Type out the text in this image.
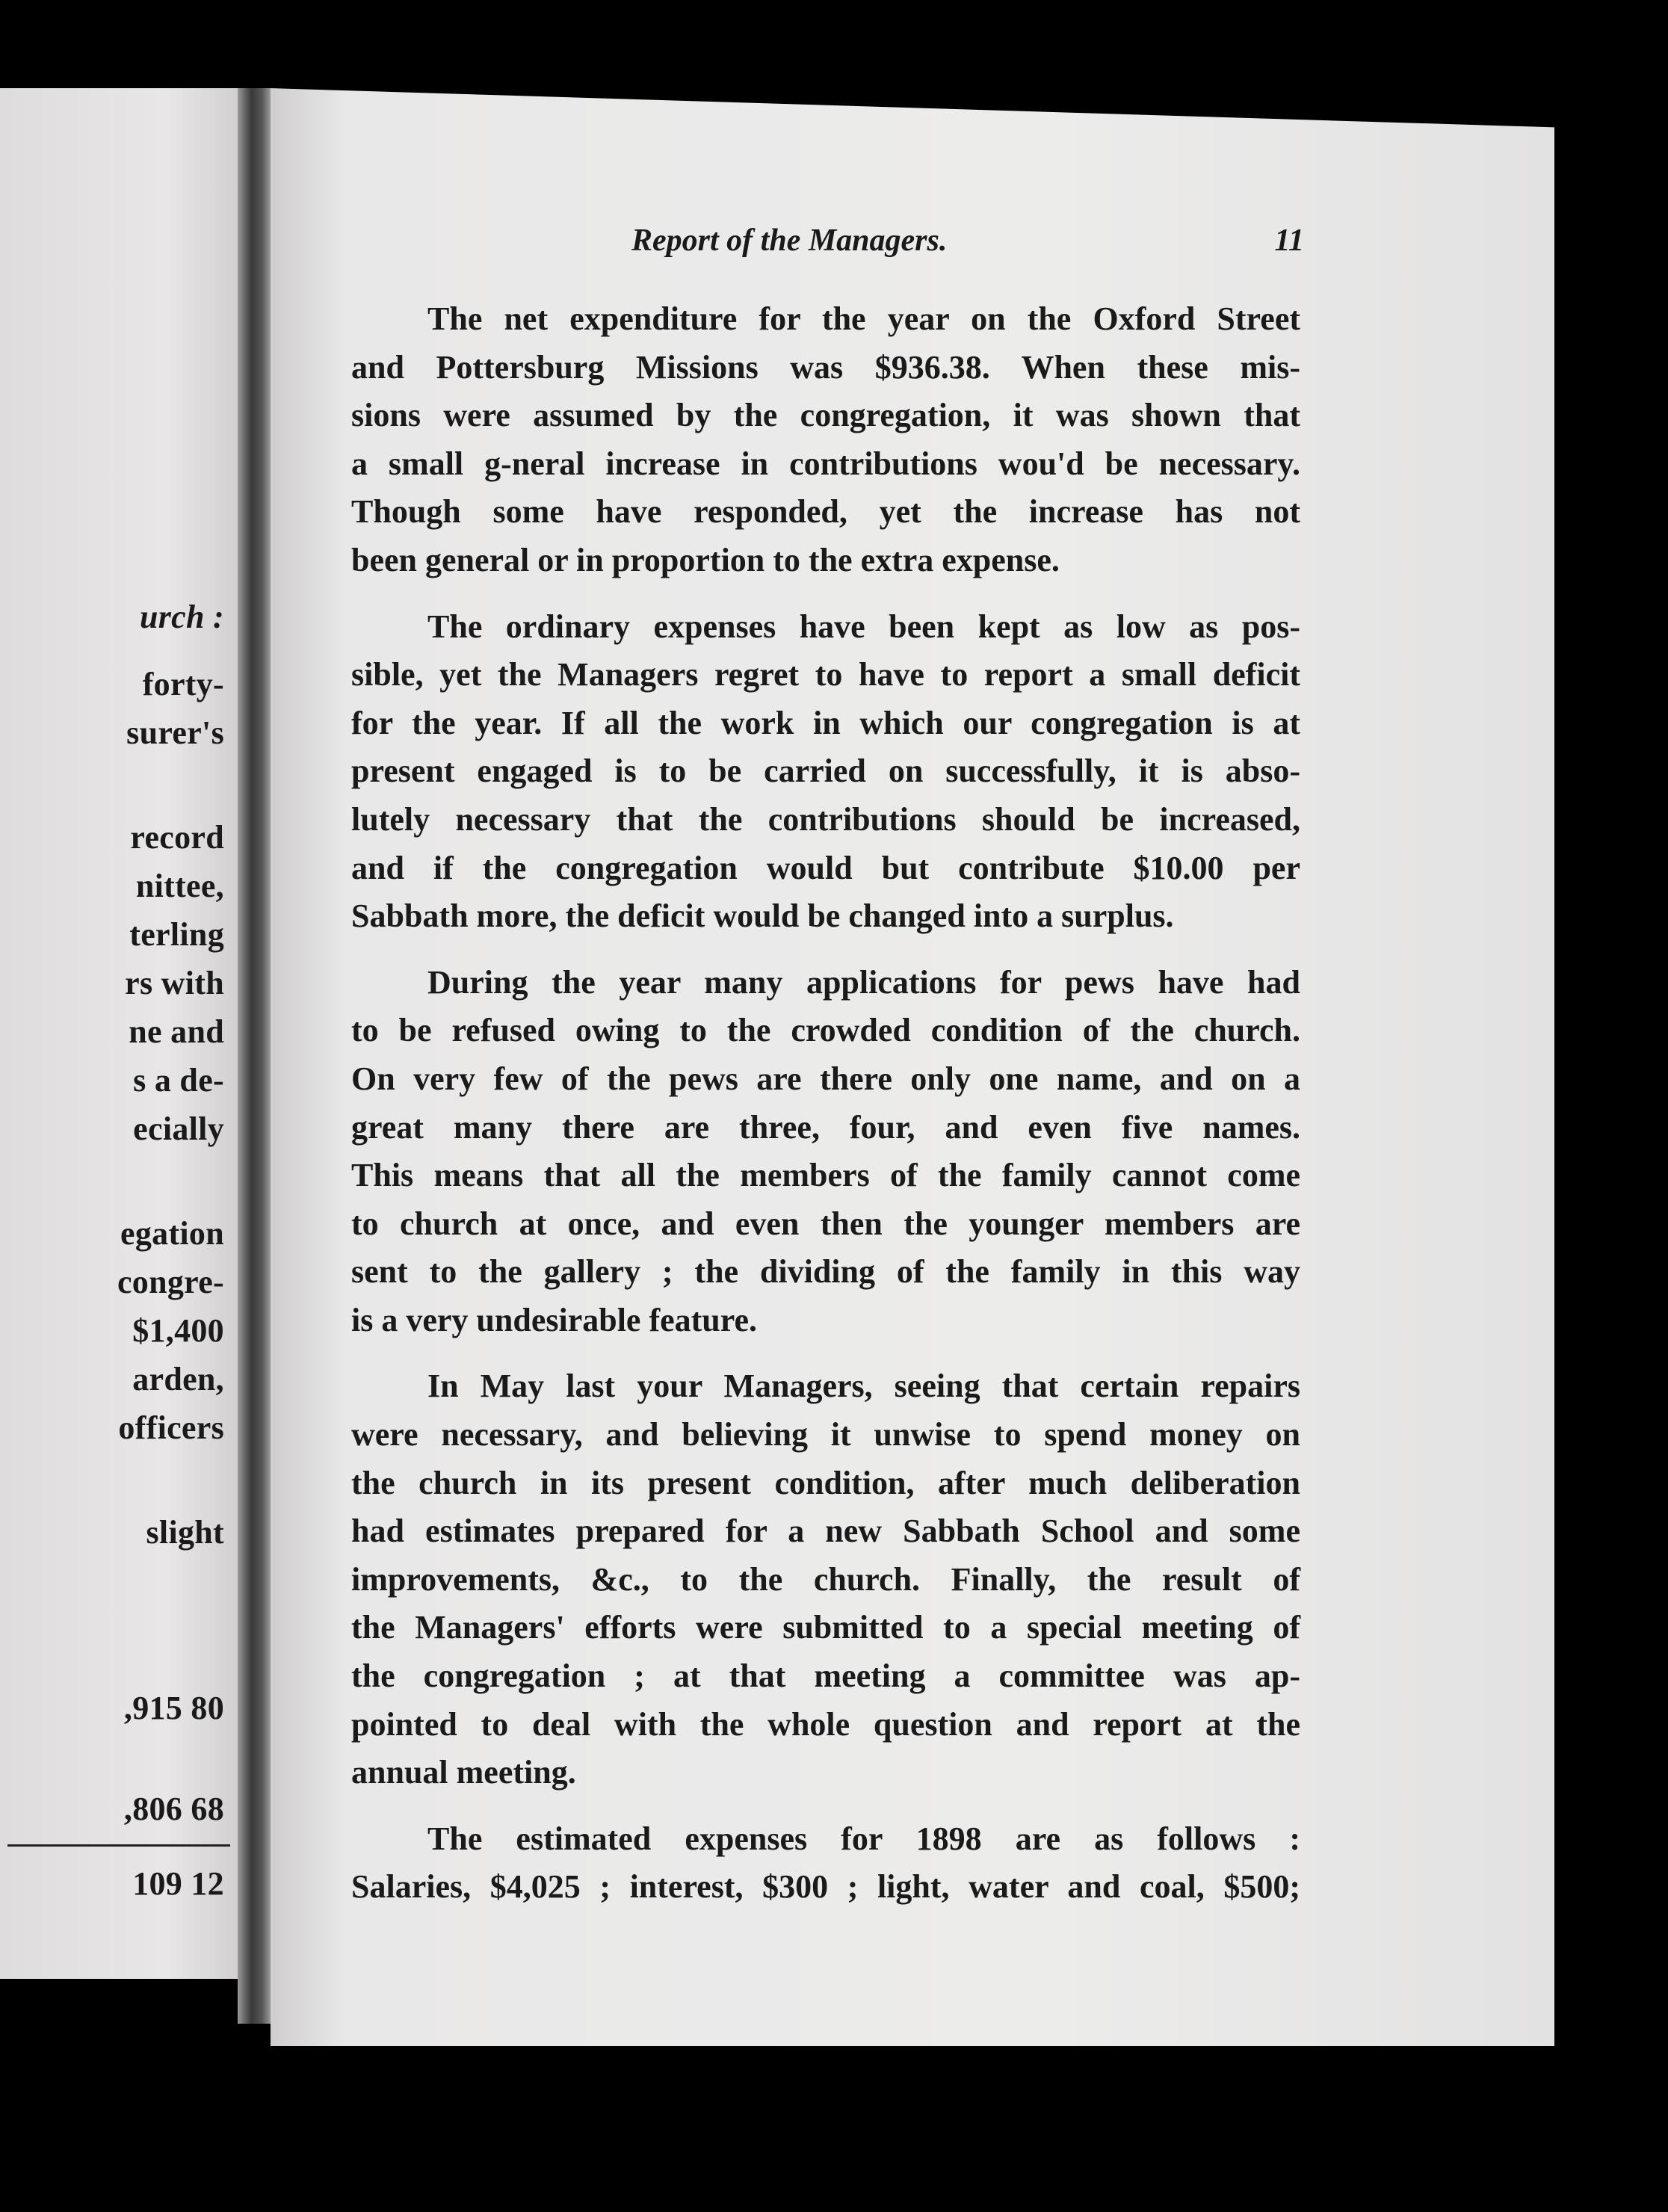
urch :
forty-
surer's
record
nittee,
terling
rs with
ne and
s a de-
ecially
egation
congre-
$1,400
arden,
officers
slight
,915 80
,806 68
109 12
Report of the Managers.	11
The net expenditure for the year on the Oxford Street
and Pottersburg Missions was $936.38. When these mis-
sions were assumed by the congregation, it was shown that
a small g-neral increase in contributions wou'd be necessary.
Though some have responded, yet the increase has not
been general or in proportion to the extra expense.
The ordinary expenses have been kept as low as pos-
sible, yet the Managers regret to have to report a small deficit
for the year. If all the work in which our congregation is at
present engaged is to be carried on successfully, it is abso-
lutely necessary that the contributions should be increased,
and if the congregation would but contribute $10.00 per
Sabbath more, the deficit would be changed into a surplus.
During the year many applications for pews have had
to be refused owing to the crowded condition of the church.
On very few of the pews are there only one name, and on a
great many there are three, four, and even five names.
This means that all the members of the family cannot come
to church at once, and even then the younger members are
sent to the gallery ; the dividing of the family in this way
is a very undesirable feature.
In May last your Managers, seeing that certain repairs
were necessary, and believing it unwise to spend money on
the church in its present condition, after much deliberation
had estimates prepared for a new Sabbath School and some
improvements, &c., to the church. Finally, the result of
the Managers' efforts were submitted to a special meeting of
the congregation ; at that meeting a committee was ap-
pointed to deal with the whole question and report at the
annual meeting.
The estimated expenses for 1898 are as follows :
Salaries, $4,025 ; interest, $300 ; light, water and coal, $500;
